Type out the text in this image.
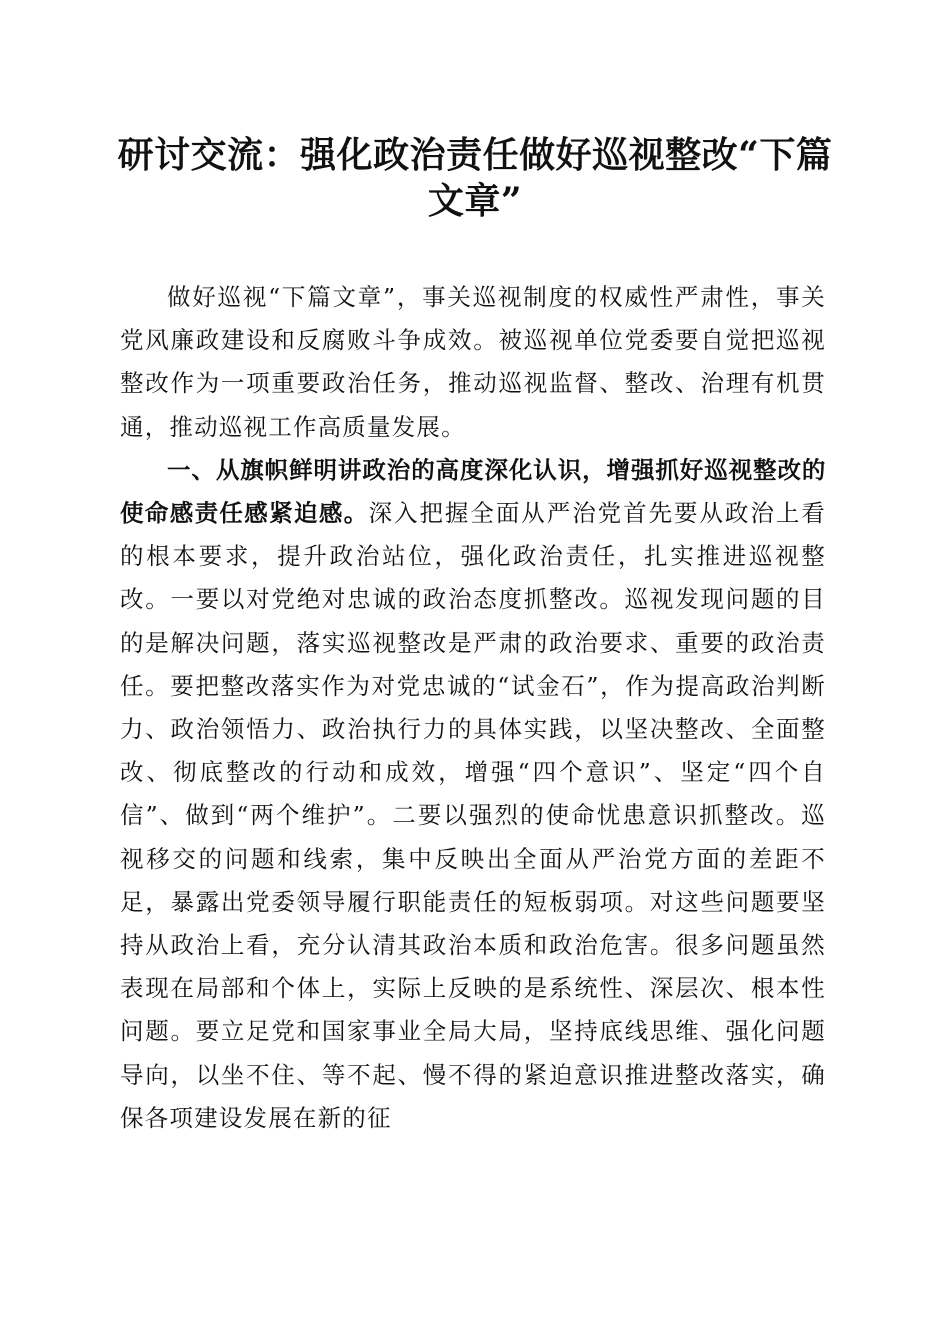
研讨交流：强化政治责任做好巡视整改“下篇文章”

做好巡视“下篇文章”，事关巡视制度的权威性严肃性，事关党风廉政建设和反腐败斗争成效。被巡视单位党委要自觉把巡视整改作为一项重要政治任务，推动巡视监督、整改、治理有机贯通，推动巡视工作高质量发展。

一、从旗帜鲜明讲政治的高度深化认识，增强抓好巡视整改的使命感责任感紧迫感。深入把握全面从严治党首先要从政治上看的根本要求，提升政治站位，强化政治责任，扎实推进巡视整改。一要以对党绝对忠诚的政治态度抓整改。巡视发现问题的目的是解决问题，落实巡视整改是严肃的政治要求、重要的政治责任。要把整改落实作为对党忠诚的“试金石”，作为提高政治判断力、政治领悟力、政治执行力的具体实践，以坚决整改、全面整改、彻底整改的行动和成效，增强“四个意识”、坚定“四个自信”、做到“两个维护”。二要以强烈的使命忧患意识抓整改。巡视移交的问题和线索，集中反映出全面从严治党方面的差距不足，暴露出党委领导履行职能责任的短板弱项。对这些问题要坚持从政治上看，充分认清其政治本质和政治危害。很多问题虽然表现在局部和个体上，实际上反映的是系统性、深层次、根本性问题。要立足党和国家事业全局大局，坚持底线思维、强化问题导向，以坐不住、等不起、慢不得的紧迫意识推进整改落实，确保各项建设发展在新的征
